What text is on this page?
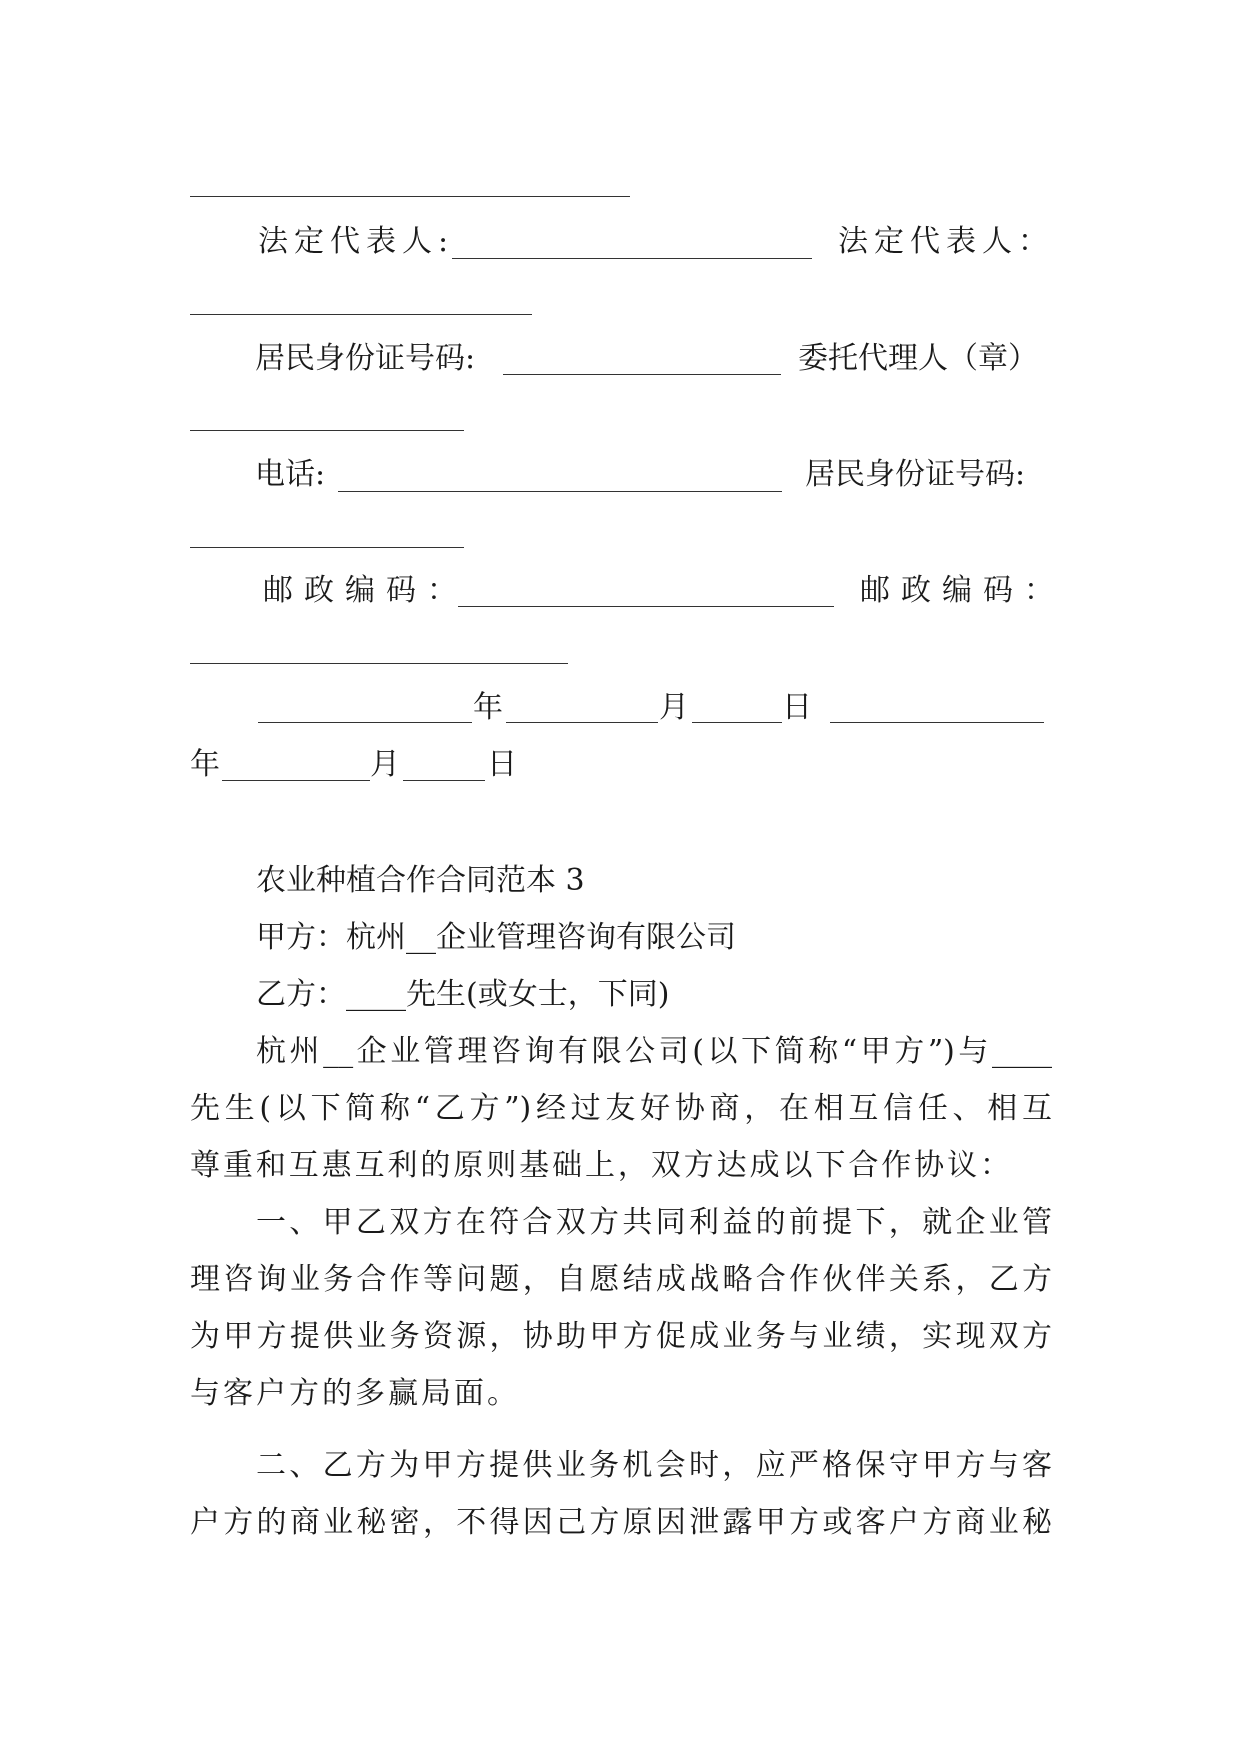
法定代表人:	法定代表人：
居民身份证号码:	委托代理人（章）
电话:	居民身份证号码:
邮政编码：	邮政编码：
年	月	日
年	月	日
农业种植合作合同范本 3
甲方：杭州__企业管理咨询有限公司
乙方：____先生(或女士，下同)
杭州__企业管理咨询有限公司(以下简称“甲方”)与____
先生(以下简称“乙方”)经过友好协商，在相互信任、相互
尊重和互惠互利的原则基础上，双方达成以下合作协议：
一、甲乙双方在符合双方共同利益的前提下，就企业管
理咨询业务合作等问题，自愿结成战略合作伙伴关系，乙方
为甲方提供业务资源，协助甲方促成业务与业绩，实现双方
与客户方的多赢局面。
二、乙方为甲方提供业务机会时，应严格保守甲方与客
户方的商业秘密，不得因己方原因泄露甲方或客户方商业秘
